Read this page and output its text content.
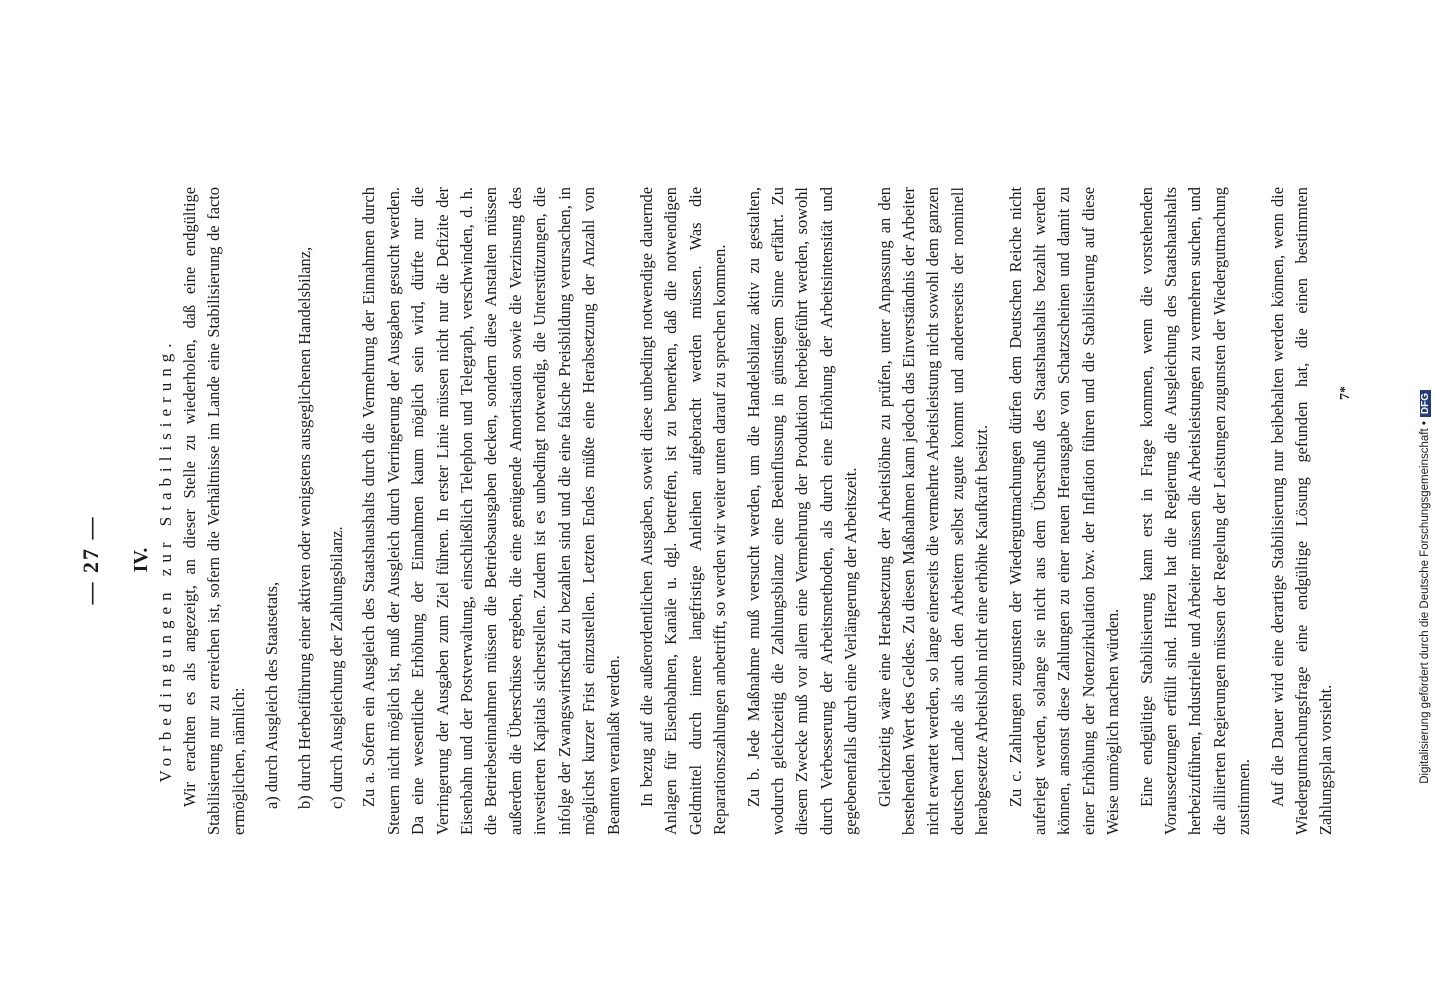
— 27 — IV. Vorbedingungen zur Stabilisierung. Wir erachten es als angezeigt, an dieser Stelle zu wiederholen, daß eine endgültige Stabilisierung nur zu erreichen ist, sofern die Verhältnisse im Lande eine Stabilisierung de facto ermöglichen, nämlich: a) durch Ausgleich des Staatsetats, b) durch Herbeiführung einer aktiven oder wenigstens ausgeglichenen Handelsbilanz, c) durch Ausgleichung der Zahlungsbilanz. Zu a. Sofern ein Ausgleich des Staatshaushalts durch die Vermehrung der Einnahmen durch Steuern nicht möglich ist, muß der Ausgleich durch Verringerung der Ausgaben gesucht werden. Da eine wesentliche Erhöhung der Einnahmen kaum möglich sein wird, dürfte nur die Verringerung der Ausgaben zum Ziel führen. In erster Linie müssen nicht nur die Defizite der Eisenbahn und der Postverwaltung, einschließlich Telephon und Telegraph, verschwinden, d. h. die Betriebseinnahmen müssen die Betriebsausgaben decken, sondern diese Anstalten müssen außerdem die Überschüsse ergeben, die eine genügende Amortisation sowie die Verzinsung des investierten Kapitals sicherstellen. Zudem ist es unbedingt notwendig, die Unterstützungen, die infolge der Zwangswirtschaft zu bezahlen sind und die eine falsche Preisbildung verursachen, in möglichst kurzer Frist einzustellen. Letzten Endes müßte eine Herabsetzung der Anzahl von Beamten veranlaßt werden. In bezug auf die außerordentlichen Ausgaben, soweit diese unbedingt notwendige dauernde Anlagen für Eisenbahnen, Kanäle u. dgl. betreffen, ist zu bemerken, daß die notwendigen Geldmittel durch innere langfristige Anleihen aufgebracht werden müssen. Was die Reparationszahlungen anbetrifft, so werden wir weiter unten darauf zu sprechen kommen. Zu b. Jede Maßnahme muß versucht werden, um die Handelsbilanz aktiv zu gestalten, wodurch gleichzeitig die Zahlungsbilanz eine Beeinflussung in günstigem Sinne erfährt. Zu diesem Zwecke muß vor allem eine Vermehrung der Produktion herbeigeführt werden, sowohl durch Verbesserung der Arbeitsmethoden, als durch eine Erhöhung der Arbeitsintensität und gegebenenfalls durch eine Verlängerung der Arbeitszeit. Gleichzeitig wäre eine Herabsetzung der Arbeitslöhne zu prüfen, unter Anpassung an den bestehenden Wert des Geldes. Zu diesen Maßnahmen kann jedoch das Einverständnis der Arbeiter nicht erwartet werden, so lange einerseits die vermehrte Arbeitsleistung nicht sowohl dem ganzen deutschen Lande als auch den Arbeitern selbst zugute kommt und andererseits der nominell herabgesetzte Arbeitslohn nicht eine erhöhte Kaufkraft besitzt. Zu c. Zahlungen zugunsten der Wiedergutmachungen dürfen dem Deutschen Reiche nicht auferlegt werden, solange sie nicht aus dem Überschuß des Staatshaushalts bezahlt werden können, ansonst diese Zahlungen zu einer neuen Herausgabe von Schatzscheinen und damit zu einer Erhöhung der Notenzirkulation bzw. der Inflation führen und die Stabilisierung auf diese Weise unmöglich machen würden. Eine endgültige Stabilisierung kann erst in Frage kommen, wenn die vorstehenden Voraussetzungen erfüllt sind. Hierzu hat die Regierung die Ausgleichung des Staatshaushalts herbeizuführen, Industrielle und Arbeiter müssen die Arbeitsleistungen zu vermehren suchen, und die alliierten Regierungen müssen der Regelung der Leistungen zugunsten der Wiedergutmachung zustimmen. Auf die Dauer wird eine derartige Stabilisierung nur beibehalten werden können, wenn die Wiedergutmachungsfrage eine endgültige Lösung gefunden hat, die einen bestimmten Zahlungsplan vorsieht.

7*
Digitalisierung gefördert durch die Deutsche Forschungsgemeinschaft •
DFG
